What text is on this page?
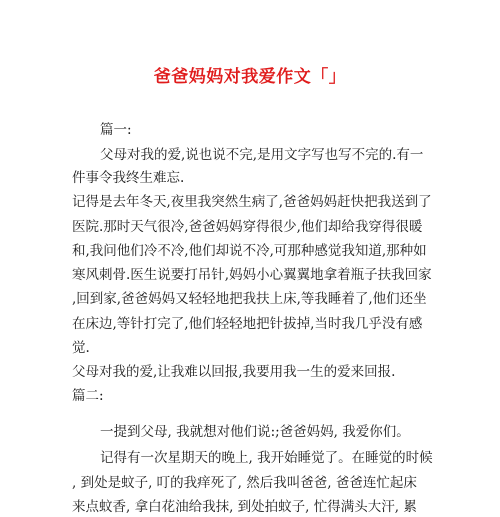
爸爸妈妈对我爱作文「」
篇一:
父母对我的爱,说也说不完,是用文字写也写不完的.有一
件事令我终生难忘.
记得是去年冬天,夜里我突然生病了,爸爸妈妈赶快把我送到了
医院.那时天气很冷,爸爸妈妈穿得很少,他们却给我穿得很暖
和,我问他们冷不冷,他们却说不冷,可那种感觉我知道,那种如
寒风刺骨.医生说要打吊针,妈妈小心翼翼地拿着瓶子扶我回家
,回到家,爸爸妈妈又轻轻地把我扶上床,等我睡着了,他们还坐
在床边,等针打完了,他们轻轻地把针拔掉,当时我几乎没有感
觉.
父母对我的爱,让我难以回报,我要用我一生的爱来回报.
篇二:
一提到父母, 我就想对他们说:;爸爸妈妈, 我爱你们。
记得有一次星期天的晚上, 我开始睡觉了。在睡觉的时候
, 到处是蚊子, 叮的我痒死了, 然后我叫爸爸, 爸爸连忙起床
来点蚊香, 拿白花油给我抹, 到处拍蚊子, 忙得满头大汗, 累
